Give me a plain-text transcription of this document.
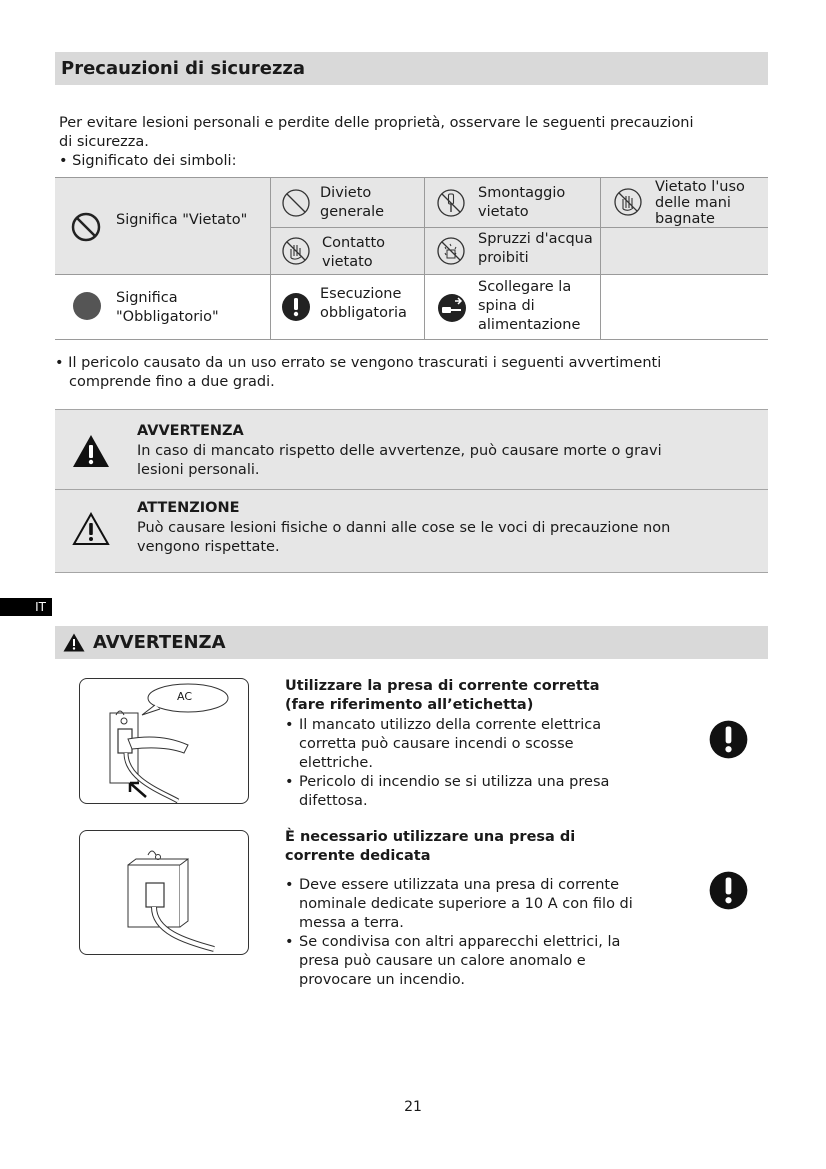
Precauzioni di sicurezza
Per evitare lesioni personali e perdite delle proprietà, osservare le seguenti precauzioni
di sicurezza.
• Significato dei simboli:
Significa "Vietato"
Divieto
generale
Smontaggio
vietato
Vietato l'uso
delle mani
bagnate
Contatto
vietato
Spruzzi d'acqua
proibiti
Significa
"Obbligatorio"
Esecuzione
obbligatoria
Scollegare la
spina di
alimentazione
• Il pericolo causato da un uso errato se vengono trascurati i seguenti avvertimenti
comprende fino a due gradi.
AVVERTENZA
In caso di mancato rispetto delle avvertenze, può causare morte o gravi
lesioni personali.
ATTENZIONE
Può causare lesioni fisiche o danni alle cose se le voci di precauzione non
vengono rispettate.
IT
AVVERTENZA
AC
Utilizzare la presa di corrente corretta
(fare riferimento all’etichetta)
• Il mancato utilizzo della corrente elettrica corretta può causare incendi o scosse elettriche.
• Pericolo di incendio se si utilizza una presa difettosa.
È necessario utilizzare una presa di
corrente dedicata
• Deve essere utilizzata una presa di corrente nominale dedicate superiore a 10 A con filo di messa a terra.
• Se condivisa con altri apparecchi elettrici, la presa può causare un calore anomalo e provocare un incendio.
21
